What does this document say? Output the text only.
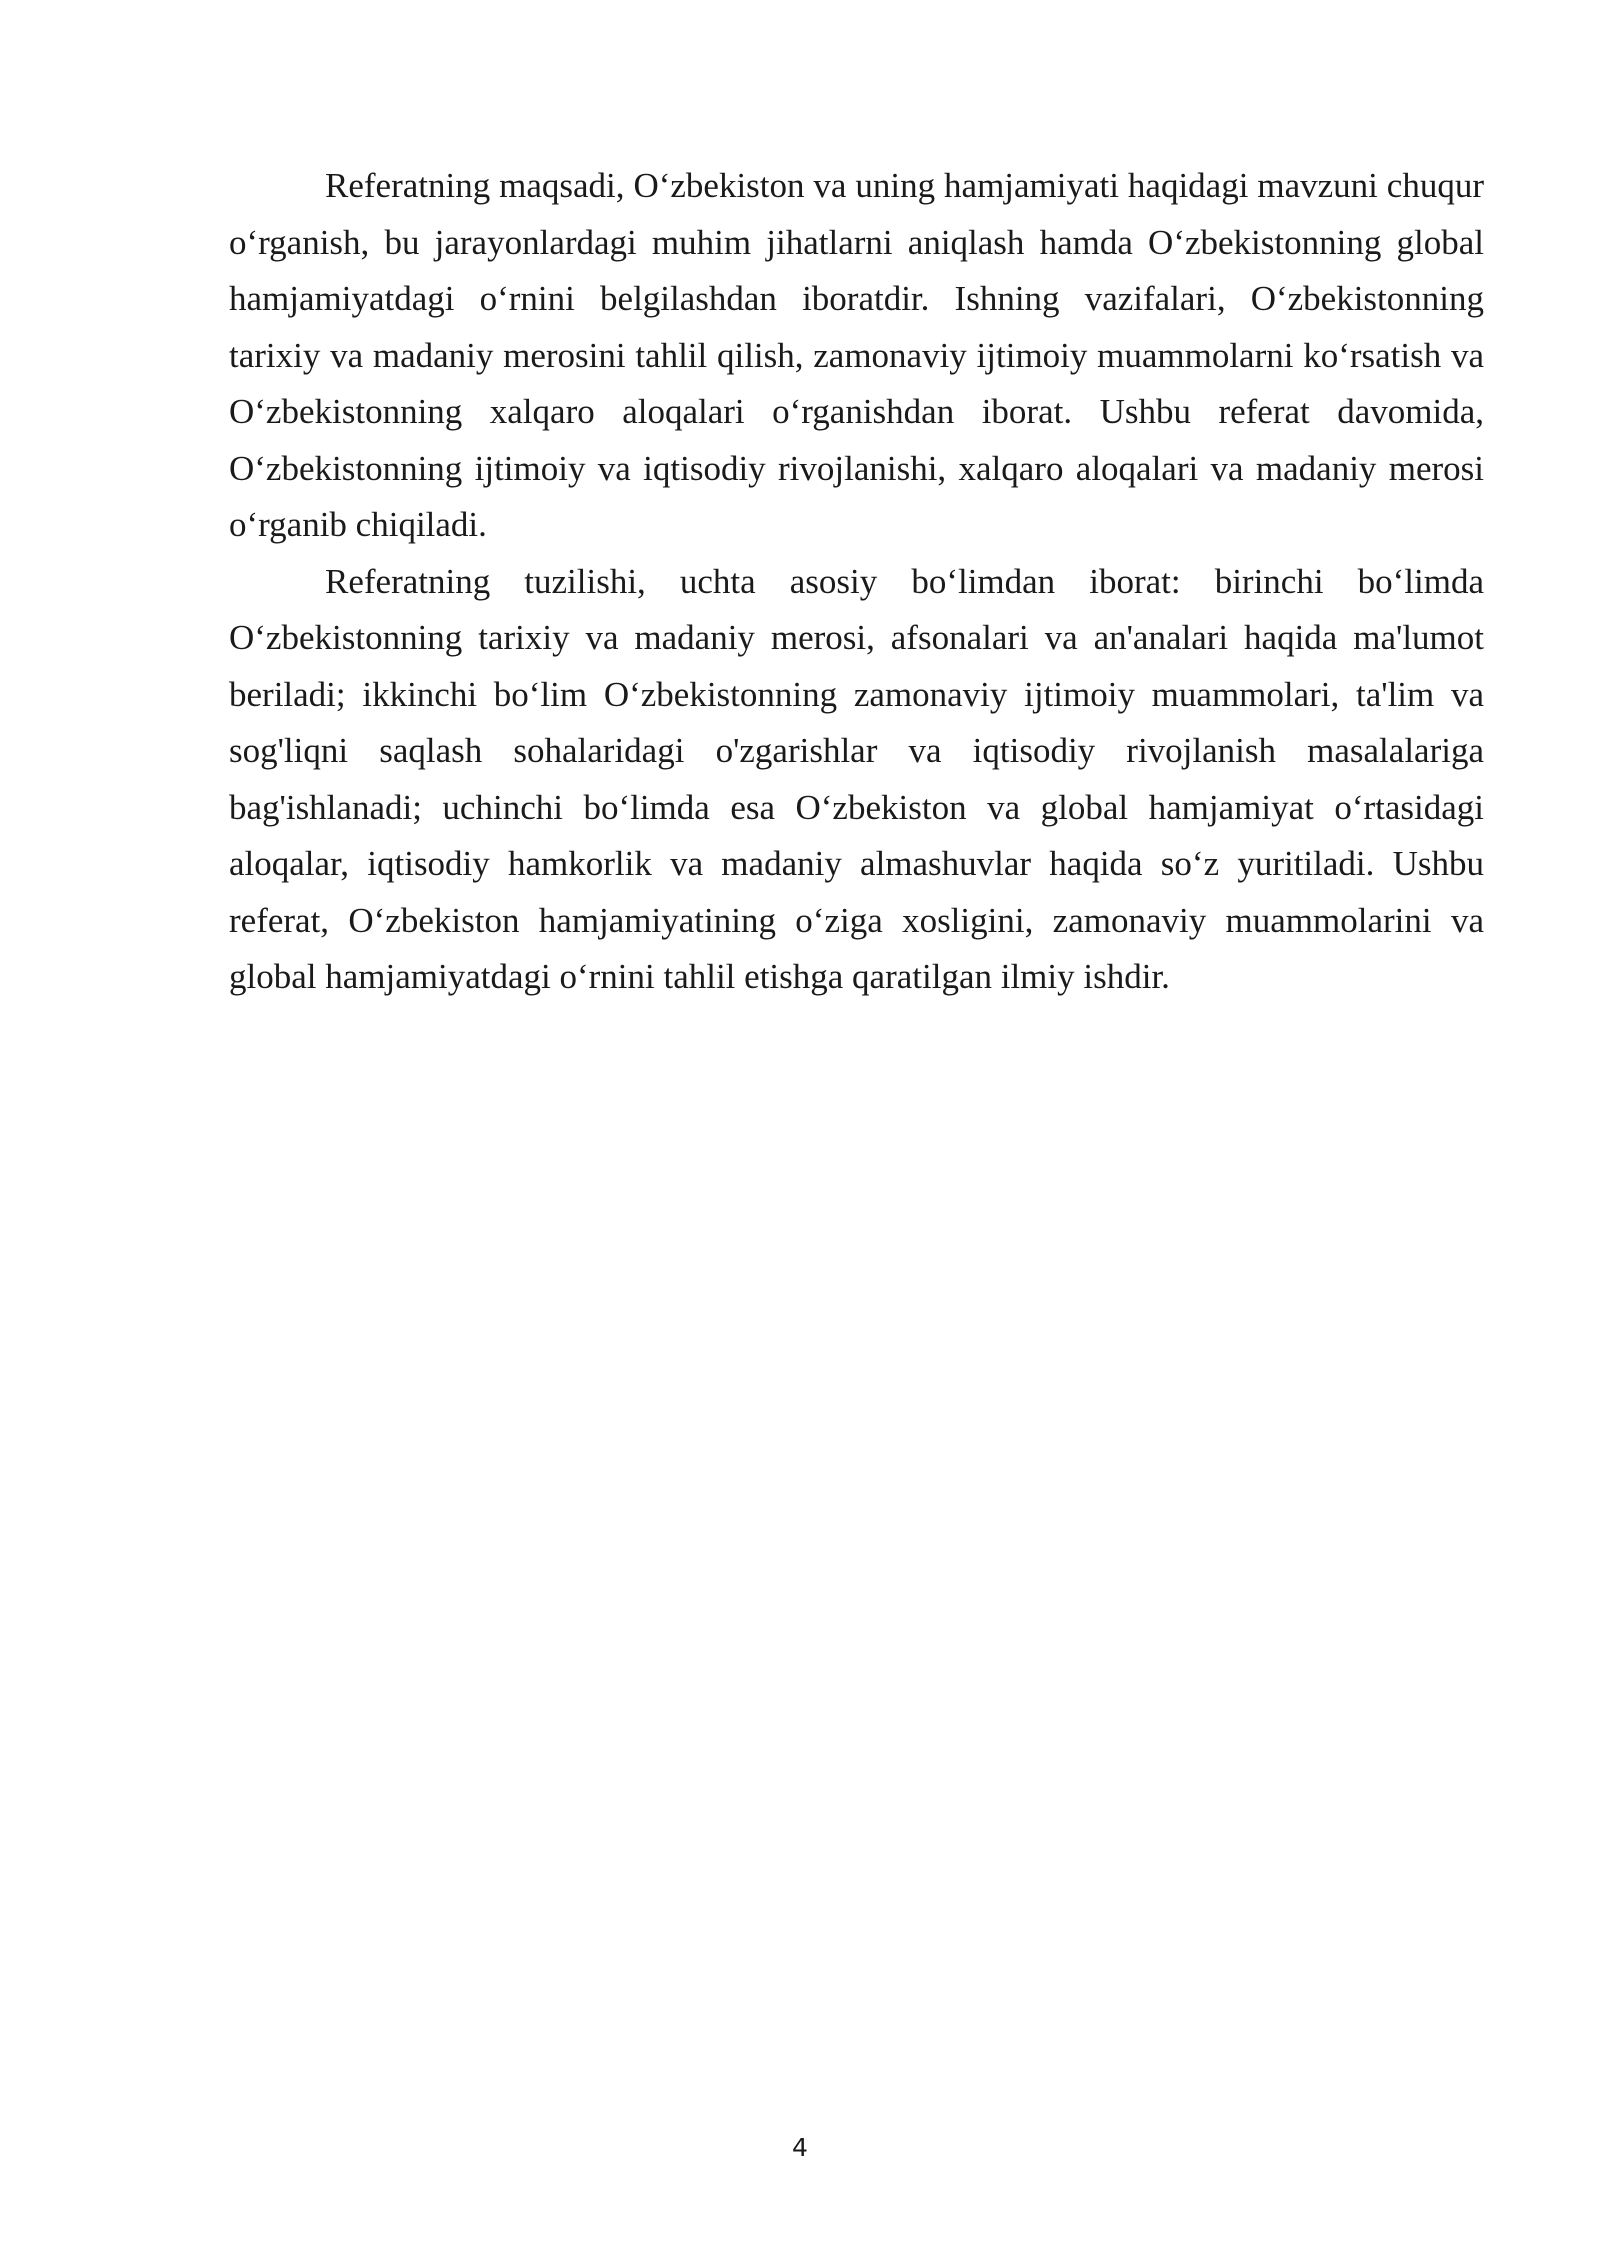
Referatning maqsadi, O‘zbekiston va uning hamjamiyati haqidagi mavzuni chuqur o‘rganish, bu jarayonlardagi muhim jihatlarni aniqlash hamda O‘zbekistonning global hamjamiyatdagi o‘rnini belgilashdan iboratdir. Ishning vazifalari, O‘zbekistonning tarixiy va madaniy merosini tahlil qilish, zamonaviy ijtimoiy muammolarni ko‘rsatish va O‘zbekistonning xalqaro aloqalari o‘rganishdan iborat. Ushbu referat davomida, O‘zbekistonning ijtimoiy va iqtisodiy rivojlanishi, xalqaro aloqalari va madaniy merosi o‘rganib chiqiladi.

Referatning tuzilishi, uchta asosiy bo‘limdan iborat: birinchi bo‘limda O‘zbekistonning tarixiy va madaniy merosi, afsonalari va an'analari haqida ma'lumot beriladi; ikkinchi bo‘lim O‘zbekistonning zamonaviy ijtimoiy muammolari, ta'lim va sog'liqni saqlash sohalaridagi o'zgarishlar va iqtisodiy rivojlanish masalalariga bag'ishlanadi; uchinchi bo‘limda esa O‘zbekiston va global hamjamiyat o‘rtasidagi aloqalar, iqtisodiy hamkorlik va madaniy almashuvlar haqida so‘z yuritiladi. Ushbu referat, O‘zbekiston hamjamiyatining o‘ziga xosligini, zamonaviy muammolarini va global hamjamiyatdagi o‘rnini tahlil etishga qaratilgan ilmiy ishdir.

4
